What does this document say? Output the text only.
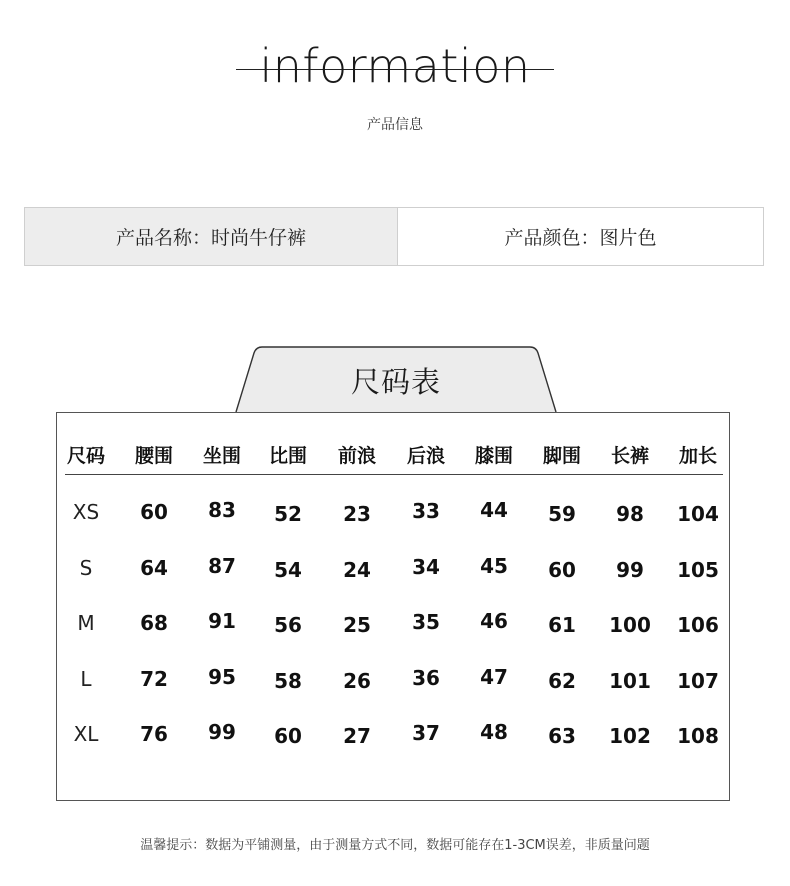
information
产品信息
产品名称：时尚牛仔裤	产品颜色：图片色
尺码表
尺码	腰围	坐围	比围	前浪	后浪	膝围	脚围	长裤	加长
XS	60	83	52	23	33	44	59	98	104
S	64	87	54	24	34	45	60	99	105
M	68	91	56	25	35	46	61	100	106
L	72	95	58	26	36	47	62	101	107
XL	76	99	60	27	37	48	63	102	108
温馨提示：数据为平铺测量，由于测量方式不同，数据可能存在1-3CM误差，非质量问题
